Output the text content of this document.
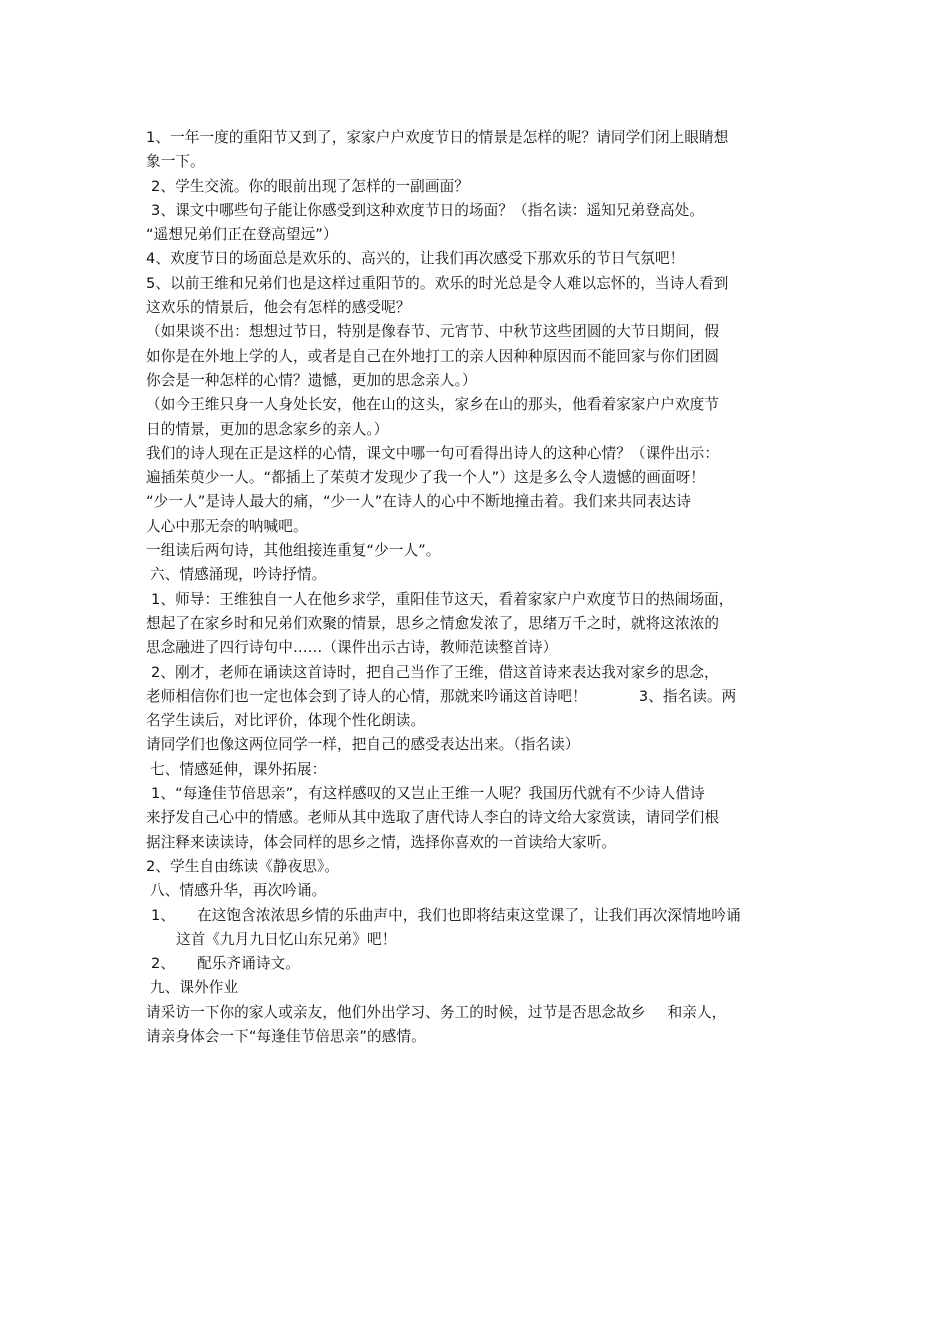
1、一年一度的重阳节又到了，家家户户欢度节日的情景是怎样的呢？请同学们闭上眼睛想
象一下。
2、学生交流。你的眼前出现了怎样的一副画面？
3、课文中哪些句子能让你感受到这种欢度节日的场面？（指名读：遥知兄弟登高处。
“遥想兄弟们正在登高望远”）
4、欢度节日的场面总是欢乐的、高兴的，让我们再次感受下那欢乐的节日气氛吧！
5、以前王维和兄弟们也是这样过重阳节的。欢乐的时光总是令人难以忘怀的，当诗人看到
这欢乐的情景后，他会有怎样的感受呢？
（如果谈不出：想想过节日，特别是像春节、元宵节、中秋节这些团圆的大节日期间，假
如你是在外地上学的人，或者是自己在外地打工的亲人因种种原因而不能回家与你们团圆
你会是一种怎样的心情？遗憾，更加的思念亲人。）
（如今王维只身一人身处长安，他在山的这头，家乡在山的那头，他看着家家户户欢度节
日的情景，更加的思念家乡的亲人。）
我们的诗人现在正是这样的心情，课文中哪一句可看得出诗人的这种心情？（课件出示：
遍插茱萸少一人。“都插上了茱萸才发现少了我一个人”）这是多么令人遗憾的画面呀！
“少一人”是诗人最大的痛，“少一人”在诗人的心中不断地撞击着。我们来共同表达诗
人心中那无奈的呐喊吧。
一组读后两句诗，其他组接连重复“少一人”。
六、情感涌现，吟诗抒情。
1、师导：王维独自一人在他乡求学，重阳佳节这天，看着家家户户欢度节日的热闹场面，
想起了在家乡时和兄弟们欢聚的情景，思乡之情愈发浓了，思绪万千之时，就将这浓浓的
思念融进了四行诗句中……（课件出示古诗，教师范读整首诗）
2、刚才，老师在诵读这首诗时，把自己当作了王维，借这首诗来表达我对家乡的思念，
老师相信你们也一定也体会到了诗人的心情，那就来吟诵这首诗吧！	3、指名读。两
名学生读后，对比评价，体现个性化朗读。
请同学们也像这两位同学一样，把自己的感受表达出来。（指名读）
七、情感延伸，课外拓展：
1、“每逢佳节倍思亲”，有这样感叹的又岂止王维一人呢？我国历代就有不少诗人借诗
来抒发自己心中的情感。老师从其中选取了唐代诗人李白的诗文给大家赏读，请同学们根
据注释来读读诗，体会同样的思乡之情，选择你喜欢的一首读给大家听。
2、学生自由练读《静夜思》。
八、情感升华，再次吟诵。
1、 在这饱含浓浓思乡情的乐曲声中，我们也即将结束这堂课了，让我们再次深情地吟诵
这首《九月九日忆山东兄弟》吧！
2、 配乐齐诵诗文。
九、课外作业
请采访一下你的家人或亲友，他们外出学习、务工的时候，过节是否思念故乡 和亲人，
请亲身体会一下“每逢佳节倍思亲”的感情。
